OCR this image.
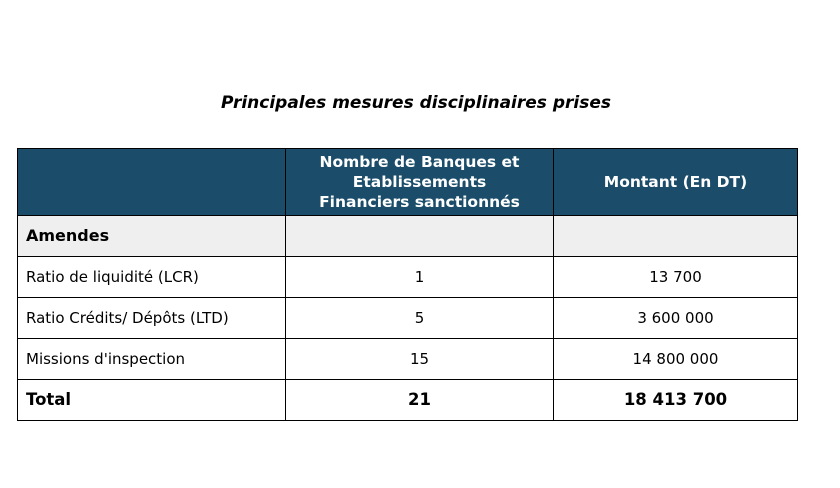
Principales mesures disciplinaires prises
	Nombre de Banques et
Etablissements
Financiers sanctionnés	Montant (En DT)
Amendes		
Ratio de liquidité (LCR)	1	13 700
Ratio Crédits/ Dépôts (LTD)	5	3 600 000
Missions d'inspection	15	14 800 000
Total	21	18 413 700
